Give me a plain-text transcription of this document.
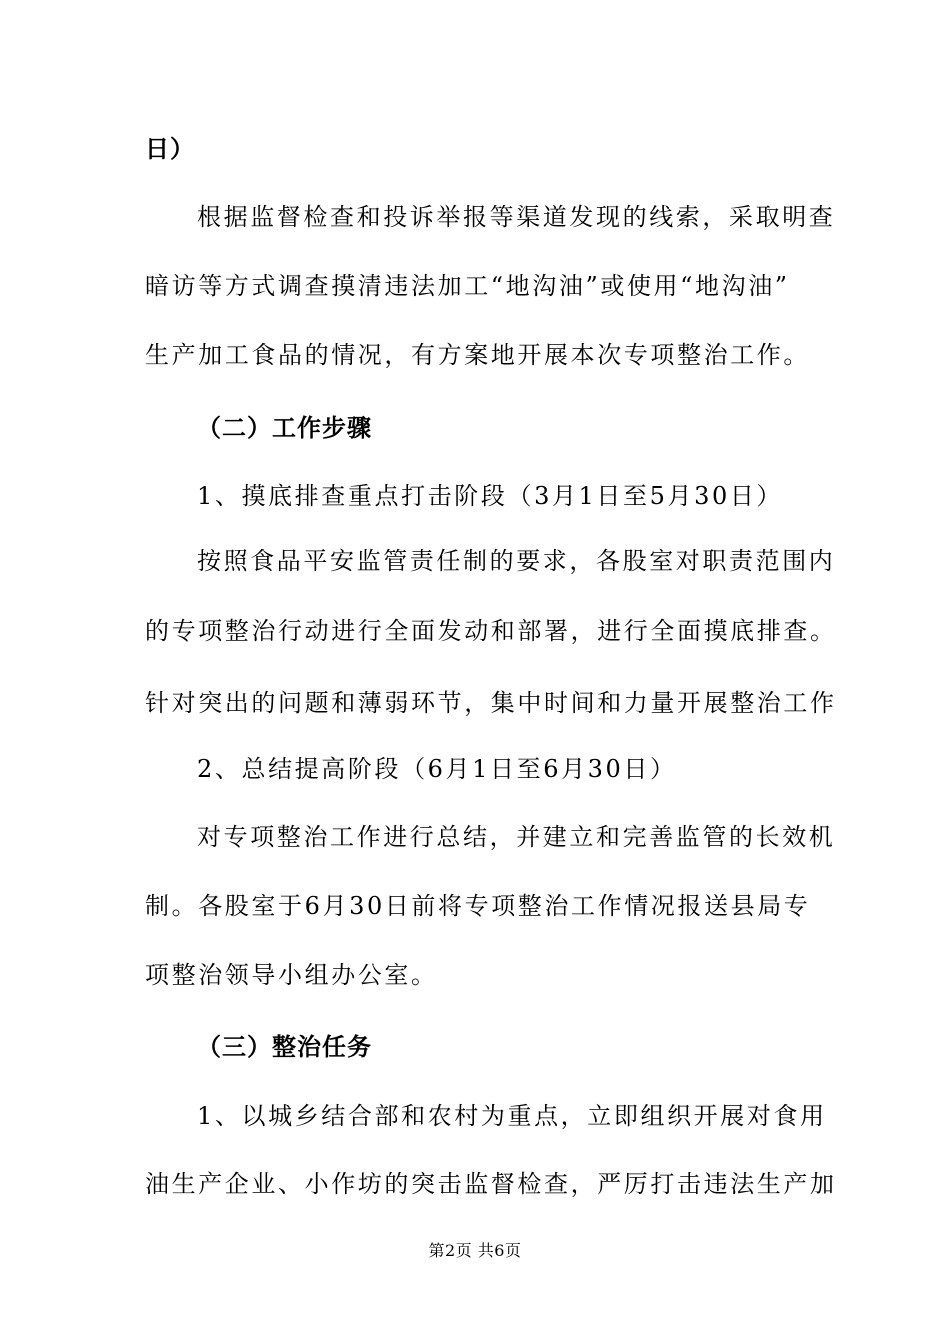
日）
根据监督检查和投诉举报等渠道发现的线索，采取明查
暗访等方式调查摸清违法加工“地沟油”或使用“地沟油”
生产加工食品的情况，有方案地开展本次专项整治工作。
（二）工作步骤
1、摸底排查重点打击阶段（3月1日至5月30日）
按照食品平安监管责任制的要求，各股室对职责范围内
的专项整治行动进行全面发动和部署，进行全面摸底排查。
针对突出的问题和薄弱环节，集中时间和力量开展整治工作
2、总结提高阶段（6月1日至6月30日）
对专项整治工作进行总结，并建立和完善监管的长效机
制。各股室于6月30日前将专项整治工作情况报送县局专
项整治领导小组办公室。
（三）整治任务
1、以城乡结合部和农村为重点，立即组织开展对食用
油生产企业、小作坊的突击监督检查，严厉打击违法生产加
第2页 共6页
